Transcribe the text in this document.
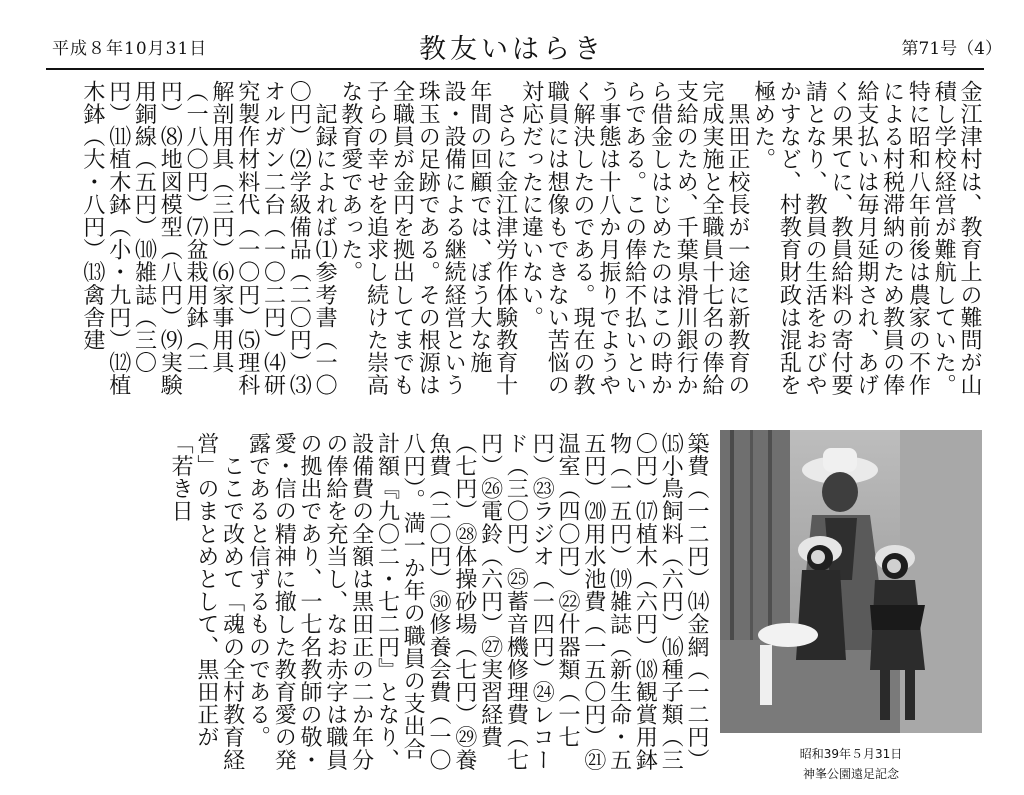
平成８年10月31日	教友いはらき	第71号（4）

金江津村は、教育上の難問が山積し学校経営が難航していた。特に昭和八年前後は農家の不作による村税滞納のため教員の俸給支払いは毎月延期され、あげくの果てに、教員給料の寄付要請となり、教員の生活をおびやかすなど、村教育財政は混乱を極めた。

　黒田正校長が一途に新教育の完成実施と全職員十七名の俸給支給のため、千葉県滑川銀行から借金しはじめたのはこの時からである。この俸給不払いという事態は十八か月振りでようやく解決したのである。現在の教職員には想像もできない苦悩の対応だったに違いない。

　さらに金江津労作体験教育十年間の回顧では、ぼう大な施設・設備による継続経営という珠玉の足跡である。その根源は全職員が金円を拠出してまでも子らの幸せを追求し続けた崇高な教育愛であった。

　記録によれば⑴参考書（一〇〇円）⑵学級備品（二〇円）⑶オルガン二台（一〇二円）⑷研究製作材料代（一〇円）⑸理科解剖用具（三円）⑹家事用具（一八〇円）⑺盆栽用鉢（二円）⑻地図模型（八円）⑼実験用銅線（五円）⑽雑誌（三〇円）⑾植木鉢（小・九円）⑿植木鉢（大・八円）⒀禽舎建

築費（一二円）⒁金網（一二円）⒂小鳥飼料（六円）⒃種子類（三〇円）⒄植木（六円）⒅観賞用鉢物（一五円）⒆雑誌（新生命・五五円）⒇用水池費（一五〇円）㉑温室（四〇円）㉒什器類（一七円）㉓ラジオ（一四円）㉔レコード（三〇円）㉕蓄音機修理費（七円）㉖電鈴（六円）㉗実習経費（七円）㉘体操砂場（七円）㉙養魚費（二〇円）㉚修養会費（一〇八円）。満一か年の職員の支出合計額『九〇二・七二円』となり、設備費の全額は黒田正の二か年分の俸給を充当し、なお赤字は職員の拠出であり、一七名教師の敬・愛・信の精神に撤した教育愛の発露であると信ずるものである。

　ここで改めて「魂の全村教育経営」のまとめとして、黒田正が「若き日

昭和39年５月31日
神峯公園遠足記念
